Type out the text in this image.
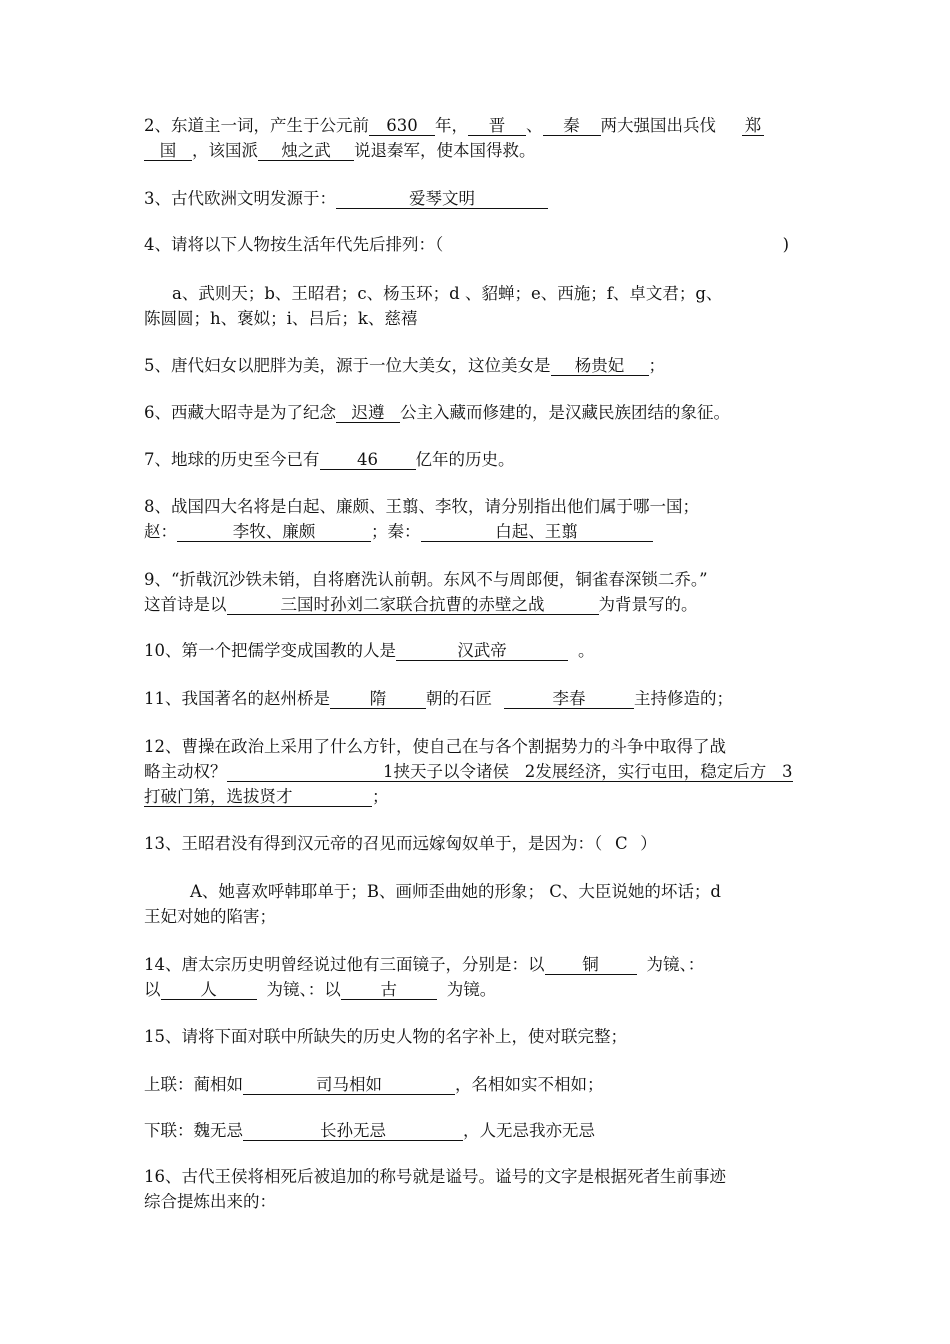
2、东道主一词，产生于公元前 630 年， 晋 、 秦 两大强国出兵伐 郑
国 ，该国派 烛之武 说退秦军，使本国得救。
3、古代欧洲文明发源于：	爱琴文明
4、请将以下人物按生活年代先后排列：（	)
a、武则天；b、王昭君；c、杨玉环；d 、貂蝉；e、西施；f、卓文君；g、
陈圆圆；h、褒姒；i、吕后；k、慈禧
5、唐代妇女以肥胖为美，源于一位大美女，这位美女是 杨贵妃 ；
6、西藏大昭寺是为了纪念 迟遵 公主入藏而修建的，是汉藏民族团结的象征。
7、地球的历史至今已有 46 亿年的历史。
8、战国四大名将是白起、廉颇、王翦、李牧，请分别指出他们属于哪一国；
赵：	李牧、廉颇	；秦：	白起、王翦
9、“折戟沉沙铁未销，自将磨洗认前朝。东风不与周郎便，铜雀春深锁二乔。”
这首诗是以	三国时孙刘二家联合抗曹的赤壁之战	为背景写的。
10、第一个把儒学变成国教的人是	汉武帝	。
11、我国著名的赵州桥是 隋 朝的石匠	李春	主持修造的；
12、曹操在政治上采用了什么方针，使自己在与各个割据势力的斗争中取得了战
略主动权？	1挟天子以令诸侯   2发展经济，实行屯田，稳定后方   3
打破门第，选拔贤才	；
13、王昭君没有得到汉元帝的召见而远嫁匈奴单于，是因为：（ C ）
A、她喜欢呼韩耶单于；B、画师歪曲她的形象； C、大臣说她的坏话；d
王妃对她的陷害；
14、唐太宗历史明曾经说过他有三面镜子，分别是：以 铜	为镜、：
以 人	为镜、：以 古	为镜。
15、请将下面对联中所缺失的历史人物的名字补上，使对联完整；
上联：蔺相如	司马相如	，名相如实不相如；
下联：魏无忌	长孙无忌	，人无忌我亦无忌
16、古代王侯将相死后被追加的称号就是谥号。谥号的文字是根据死者生前事迹
综合提炼出来的：
